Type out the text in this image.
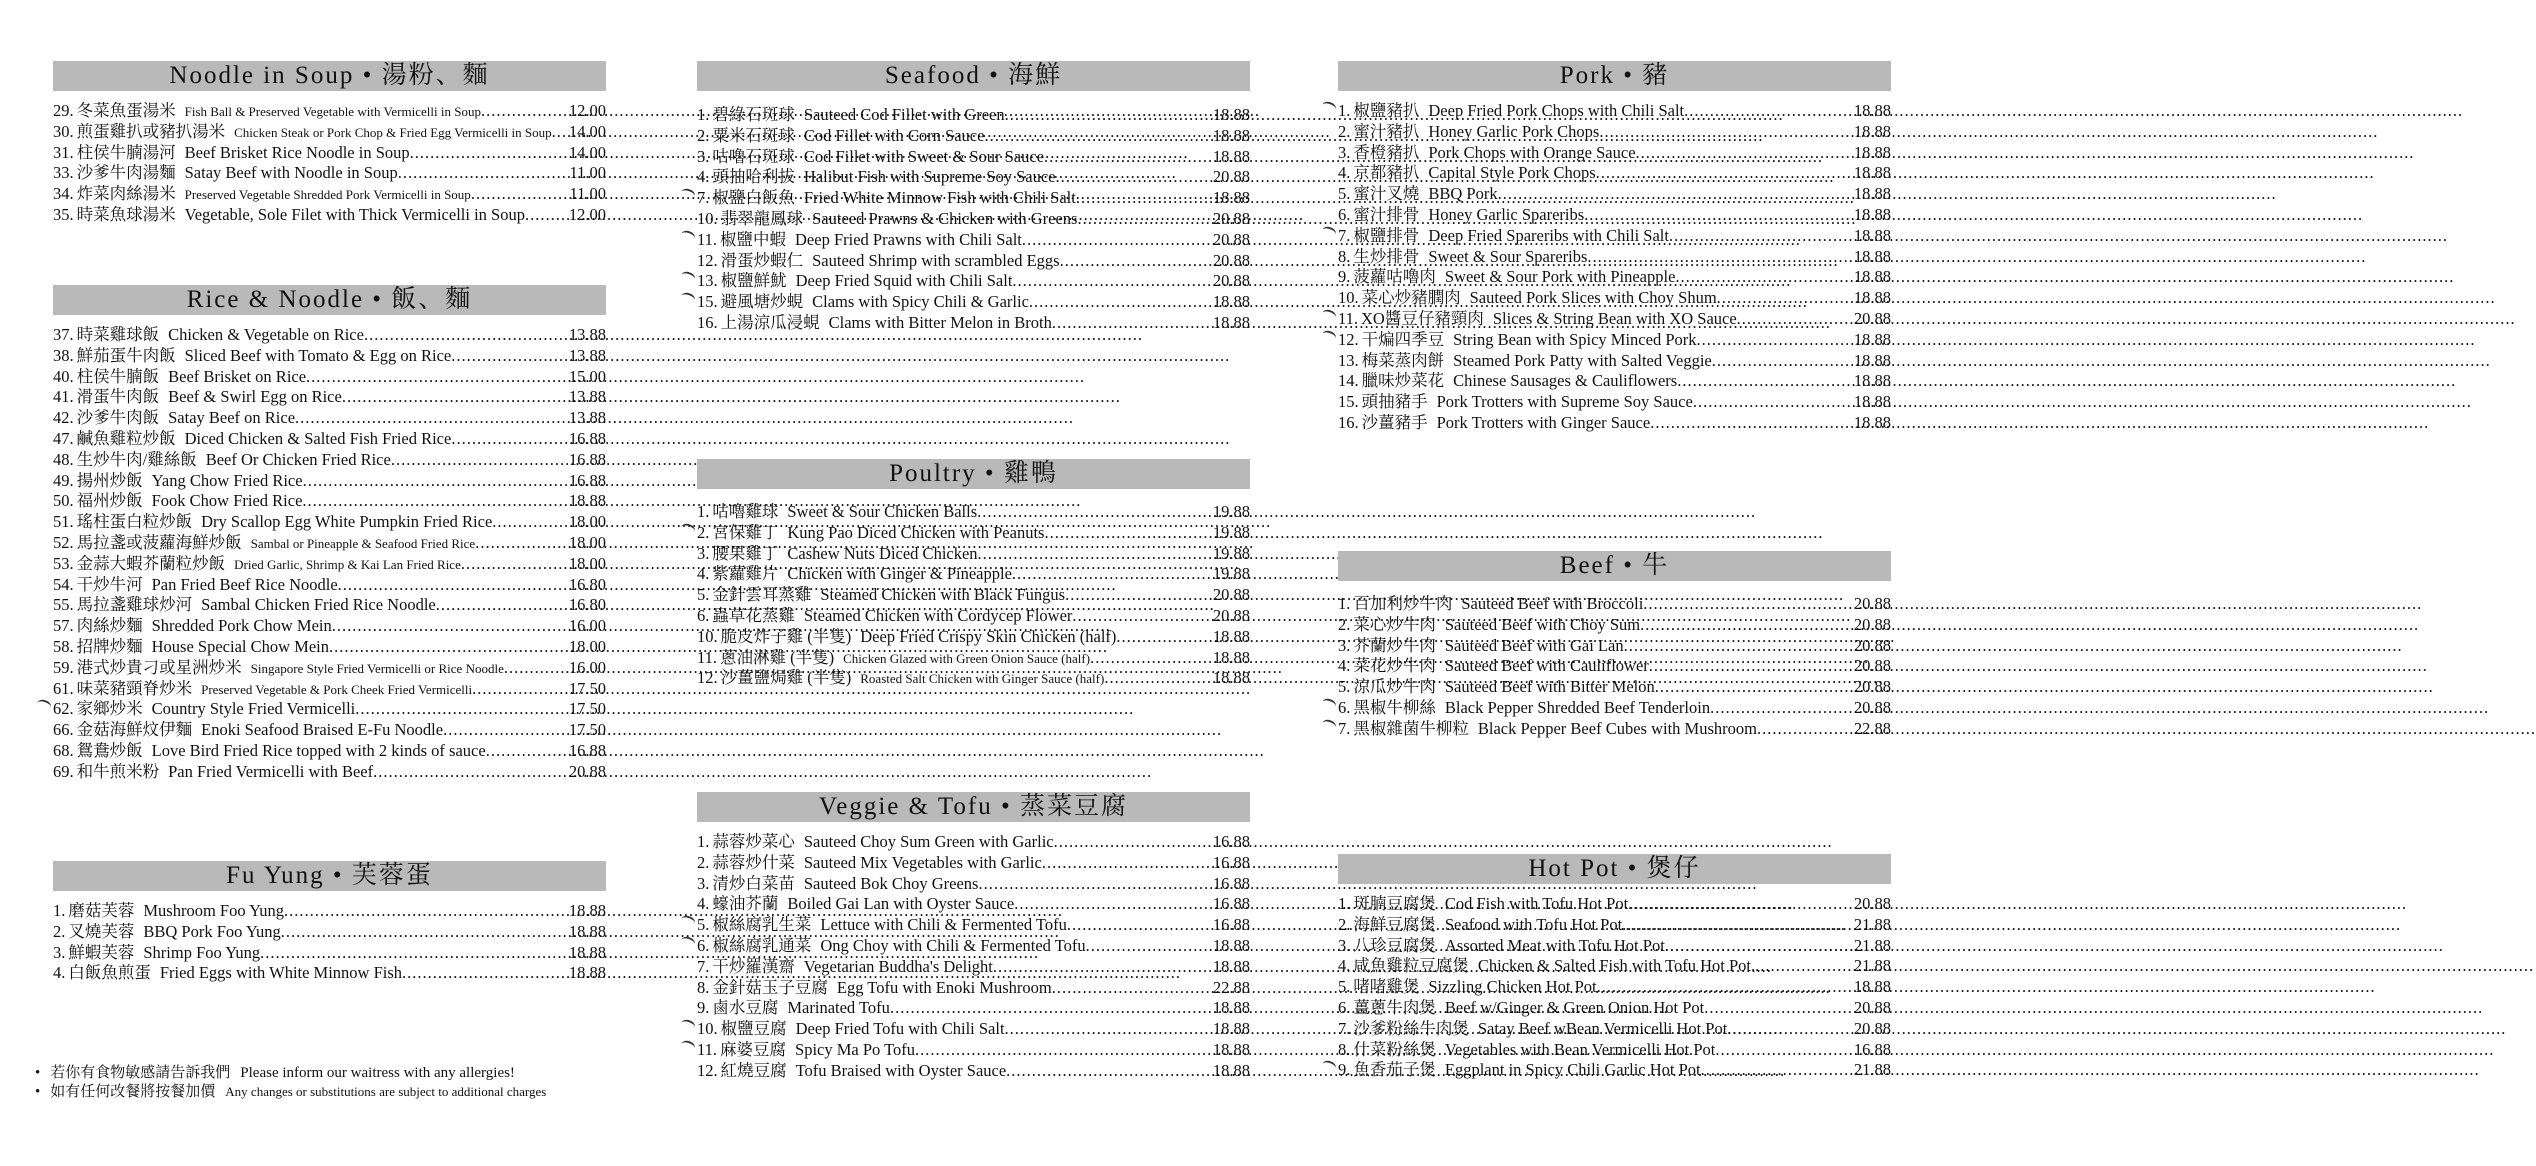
Noodle in Soup • 湯粉、麵
29. 冬菜魚蛋湯米 Fish Ball & Preserved Vegetable with Vermicelli in Soup .....	12.00
30. 煎蛋雞扒或豬扒湯米 Chicken Steak or Pork Chop & Fried Egg Vermicelli in Soup ..... 14.00
31. 柱侯牛腩湯河 Beef Brisket Rice Noodle in Soup .....	14.00
33. 沙爹牛肉湯麵 Satay Beef with Noodle in Soup .....	11.00
34. 炸菜肉絲湯米 Preserved Vegetable Shredded Pork Vermicelli in Soup .....	11.00
35. 時菜魚球湯米 Vegetable, Sole Filet with Thick Vermicelli in Soup .....	12.00
Rice & Noodle • 飯、麵
37. 時菜雞球飯 Chicken & Vegetable on Rice .....	13.88
38. 鮮茄蛋牛肉飯 Sliced Beef with Tomato & Egg on Rice .....	13.88
40. 柱侯牛腩飯 Beef Brisket on Rice .....	15.00
41. 滑蛋牛肉飯 Beef & Swirl Egg on Rice .....	13.88
42. 沙爹牛肉飯 Satay Beef on Rice .....	13.88
47. 鹹魚雞粒炒飯 Diced Chicken & Salted Fish Fried Rice .....	16.88
48. 生炒牛肉/雞絲飯 Beef Or Chicken Fried Rice .....	16.88
49. 揚州炒飯 Yang Chow Fried Rice .....	16.88
50. 福州炒飯 Fook Chow Fried Rice .....	18.88
51. 瑤柱蛋白粒炒飯 Dry Scallop Egg White Pumpkin Fried Rice .....	18.00
52. 馬拉盞或菠蘿海鮮炒飯 Sambal or Pineapple & Seafood Fried Rice .....	18.00
53. 金蒜大蝦芥蘭粒炒飯 Dried Garlic, Shrimp & Kai Lan Fried Rice .....	18.00
54. 干炒牛河 Pan Fried Beef Rice Noodle .....	16.80
55. 馬拉盞雞球炒河 Sambal Chicken Fried Rice Noodle .....	16.80
57. 肉絲炒麵 Shredded Pork Chow Mein .....	16.00
58. 招牌炒麵 House Special Chow Mein .....	18.00
59. 港式炒貴刁或星洲炒米 Singapore Style Fried Vermicelli or Rice Noodle .....	16.00
61. 味菜豬頸脊炒米 Preserved Vegetable & Pork Cheek Fried Vermicelli .....	17.50
62. 家鄉炒米 Country Style Fried Vermicelli .....	17.50
66. 金菇海鮮炆伊麵 Enoki Seafood Braised E-Fu Noodle .....	17.50
68. 鴛鴦炒飯 Love Bird Fried Rice topped with 2 kinds of sauce .....	16.88
69. 和牛煎米粉 Pan Fried Vermicelli with Beef .....	20.88
Fu Yung • 芙蓉蛋
1. 磨菇芙蓉 Mushroom Foo Yung .....	18.88
2. 叉燒芙蓉 BBQ Pork Foo Yung .....	18.88
3. 鮮蝦芙蓉 Shrimp Foo Yung .....	18.88
4. 白飯魚煎蛋 Fried Eggs with White Minnow Fish .....	18.88
Seafood • 海鮮
1. 碧綠石斑球 Sauteed Cod Fillet with Green .....	18.88
2. 粟米石斑球 Cod Fillet with Corn Sauce .....	18.88
3. 咕嚕石斑球 Cod Fillet with Sweet & Sour Sauce .....	18.88
4. 頭抽哈利拔 Halibut Fish with Supreme Soy Sauce .....	20.88
7. 椒鹽白飯魚 Fried White Minnow Fish with Chili Salt .....	18.88
10. 翡翠龍鳳球 Sauteed Prawns & Chicken with Greens .....	20.88
11. 椒鹽中蝦 Deep Fried Prawns with Chili Salt .....	20.88
12. 滑蛋炒蝦仁 Sauteed Shrimp with scrambled Eggs .....	20.88
13. 椒鹽鮮魷 Deep Fried Squid with Chili Salt .....	20.88
15. 避風塘炒蜆 Clams with Spicy Chili & Garlic .....	18.88
16. 上湯涼瓜浸蜆 Clams with Bitter Melon in Broth .....	18.88
Poultry • 雞鴨
1. 咕嚕雞球 Sweet & Sour Chicken Balls .....	19.88
2. 宮保雞丁 Kung Pao Diced Chicken with Peanuts .....	19.88
3. 腰果雞丁 Cashew Nuts Diced Chicken .....	19.88
4. 紫蘿雞片 Chicken with Ginger & Pineapple .....	19.88
5. 金針雲耳蒸雞 Steamed Chicken with Black Fungus .....	20.88
6. 蟲草花蒸雞 Steamed Chicken with Cordycep Flower .....	20.88
10. 脆皮炸子雞 (半隻) Deep Fried Crispy Skin Chicken (half) .....	18.88
11. 蔥油淋雞 (半隻) Chicken Glazed with Green Onion Sauce (half) .....	18.88
12. 沙薑鹽焗雞 (半隻) Roasted Salt Chicken with Ginger Sauce (half) .....	18.88
Veggie & Tofu • 蒸菜豆腐
1. 蒜蓉炒菜心 Sauteed Choy Sum Green with Garlic .....	16.88
2. 蒜蓉炒什菜 Sauteed Mix Vegetables with Garlic .....	16.88
3. 清炒白菜苗 Sauteed Bok Choy Greens .....	16.88
4. 蠔油芥蘭 Boiled Gai Lan with Oyster Sauce .....	16.88
5. 椒絲腐乳生菜 Lettuce with Chili & Fermented Tofu .....	16.88
6. 椒絲腐乳通菜 Ong Choy with Chili & Fermented Tofu .....	18.88
7. 干炒羅漢齋 Vegetarian Buddha's Delight .....	18.88
8. 金針菇玉子豆腐 Egg Tofu with Enoki Mushroom .....	22.88
9. 鹵水豆腐 Marinated Tofu .....	18.88
10. 椒鹽豆腐 Deep Fried Tofu with Chili Salt .....	18.88
11. 麻婆豆腐 Spicy Ma Po Tofu .....	18.88
12. 紅燒豆腐 Tofu Braised with Oyster Sauce .....	18.88
Pork • 豬
1. 椒鹽豬扒 Deep Fried Pork Chops with Chili Salt .....	18.88
2. 蜜汁豬扒 Honey Garlic Pork Chops .....	18.88
3. 香橙豬扒 Pork Chops with Orange Sauce .....	18.88
4. 京都豬扒 Capital Style Pork Chops .....	18.88
5. 蜜汁叉燒 BBQ Pork .....	18.88
6. 蜜汁排骨 Honey Garlic Spareribs .....	18.88
7. 椒鹽排骨 Deep Fried Spareribs with Chili Salt .....	18.88
8. 生炒排骨 Sweet & Sour Spareribs .....	18.88
9. 菠蘿咕嚕肉 Sweet & Sour Pork with Pineapple .....	18.88
10. 菜心炒豬膶肉 Sauteed Pork Slices with Choy Shum .....	18.88
11. XO醬豆仔豬頸肉 Slices & String Bean with XO Sauce .....	20.88
12. 干煸四季豆 String Bean with Spicy Minced Pork .....	18.88
13. 梅菜蒸肉餅 Steamed Pork Patty with Salted Veggie .....	18.88
14. 臘味炒菜花 Chinese Sausages & Cauliflowers .....	18.88
15. 頭抽豬手 Pork Trotters with Supreme Soy Sauce .....	18.88
16. 沙薑豬手 Pork Trotters with Ginger Sauce .....	18.88
Beef • 牛
1. 百加利炒牛肉 Sauteed Beef with Broccoli .....	20.88
2. 菜心炒牛肉 Sauteed Beef with Choy Sum .....	20.88
3. 芥蘭炒牛肉 Sauteed Beef with Gai Lan .....	20.88
4. 菜花炒牛肉 Sauteed Beef with Cauliflower .....	20.88
5. 涼瓜炒牛肉 Sauteed Beef with Bitter Melon .....	20.88
6. 黑椒牛柳絲 Black Pepper Shredded Beef Tenderloin .....	20.88
7. 黑椒雜菌牛柳粒 Black Pepper Beef Cubes with Mushroom .....	22.88
Hot Pot • 煲仔
1. 斑腩豆腐煲 Cod Fish with Tofu Hot Pot .....	20.88
2. 海鮮豆腐煲 Seafood with Tofu Hot Pot .....	21.88
3. 八珍豆腐煲 Assorted Meat with Tofu Hot Pot .....	21.88
4. 咸魚雞粒豆腐煲 Chicken & Salted Fish with Tofu Hot Pot. .....	21.88
5. 啫啫雞煲 Sizzling Chicken Hot Pot .....	18.88
6. 薑蔥牛肉煲 Beef w/Ginger & Green Onion Hot Pot .....	20.88
7. 沙爹粉絲牛肉煲 Satay Beef wBean Vermicelli Hot Pot .....	20.88
8. 什菜粉絲煲 Vegetables with Bean Vermicelli Hot Pot .....	16.88
9. 魚香茄子煲 Eggplant in Spicy Chili Garlic Hot Pot .....	21.88
• 若你有食物敏感請告訴我們 Please inform our waitress with any allergies!
• 如有任何改餐將按餐加價 Any changes or substitutions are subject to additional charges
